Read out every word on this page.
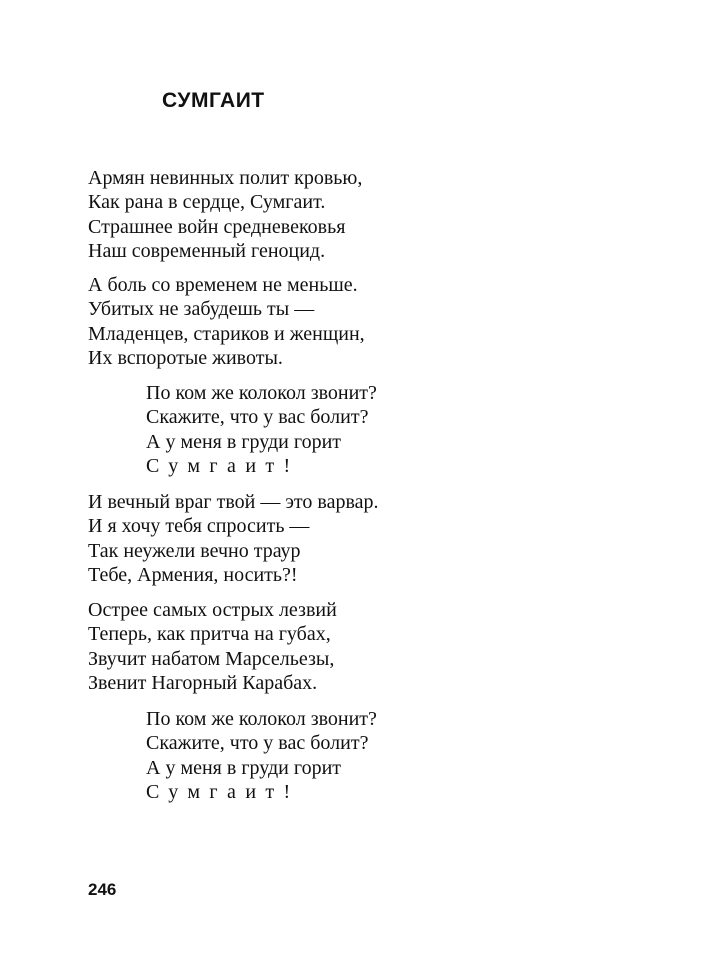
СУМГАИТ
Армян невинных полит кровью,
Как рана в сердце, Сумгаит.
Страшнее войн средневековья
Наш современный геноцид.
А боль со временем не меньше.
Убитых не забудешь ты —
Младенцев, стариков и женщин,
Их вспоротые животы.
По ком же колокол звонит?
Скажите, что у вас болит?
А у меня в груди горит
Сумгаит!
И вечный враг твой — это варвар.
И я хочу тебя спросить —
Так неужели вечно траур
Тебе, Армения, носить?!
Острее самых острых лезвий
Теперь, как притча на губах,
Звучит набатом Марсельезы,
Звенит Нагорный Карабах.
По ком же колокол звонит?
Скажите, что у вас болит?
А у меня в груди горит
Сумгаит!
246
